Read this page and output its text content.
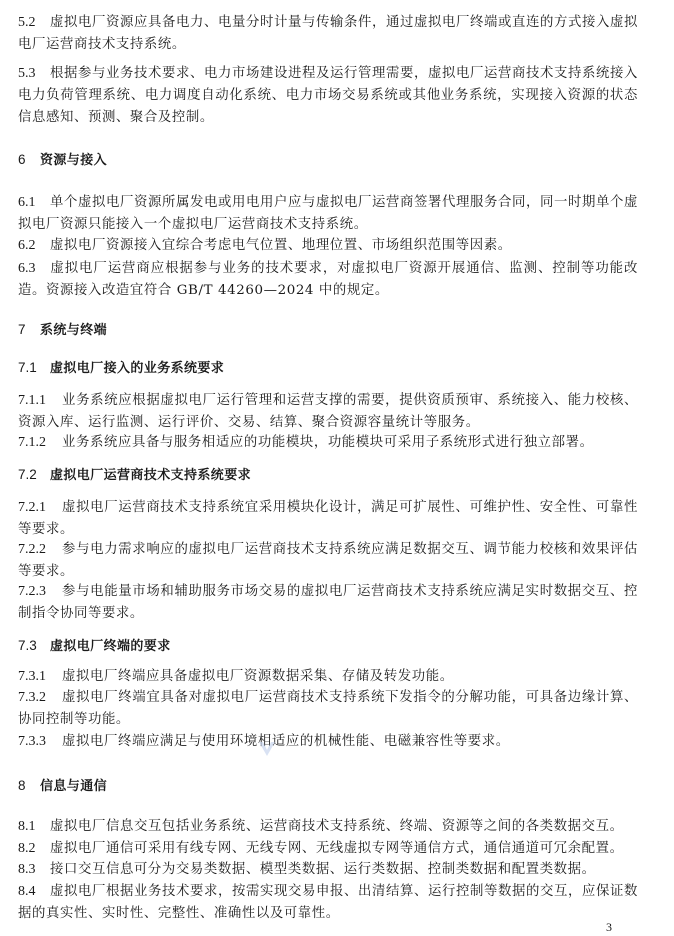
5.2 虚拟电厂资源应具备电力、电量分时计量与传输条件，通过虚拟电厂终端或直连的方式接入虚拟电厂运营商技术支持系统。

5.3 根据参与业务技术要求、电力市场建设进程及运行管理需要，虚拟电厂运营商技术支持系统接入电力负荷管理系统、电力调度自动化系统、电力市场交易系统或其他业务系统，实现接入资源的状态信息感知、预测、聚合及控制。

6 资源与接入

6.1 单个虚拟电厂资源所属发电或用电用户应与虚拟电厂运营商签署代理服务合同，同一时期单个虚拟电厂资源只能接入一个虚拟电厂运营商技术支持系统。

6.2 虚拟电厂资源接入宜综合考虑电气位置、地理位置、市场组织范围等因素。

6.3 虚拟电厂运营商应根据参与业务的技术要求，对虚拟电厂资源开展通信、监测、控制等功能改造。资源接入改造宜符合 GB/T 44260—2024 中的规定。

7 系统与终端

7.1 虚拟电厂接入的业务系统要求

7.1.1 业务系统应根据虚拟电厂运行管理和运营支撑的需要，提供资质预审、系统接入、能力校核、资源入库、运行监测、运行评价、交易、结算、聚合资源容量统计等服务。

7.1.2 业务系统应具备与服务相适应的功能模块，功能模块可采用子系统形式进行独立部署。

7.2 虚拟电厂运营商技术支持系统要求

7.2.1 虚拟电厂运营商技术支持系统宜采用模块化设计，满足可扩展性、可维护性、安全性、可靠性等要求。

7.2.2 参与电力需求响应的虚拟电厂运营商技术支持系统应满足数据交互、调节能力校核和效果评估等要求。

7.2.3 参与电能量市场和辅助服务市场交易的虚拟电厂运营商技术支持系统应满足实时数据交互、控制指令协同等要求。

7.3 虚拟电厂终端的要求

7.3.1 虚拟电厂终端应具备虚拟电厂资源数据采集、存储及转发功能。

7.3.2 虚拟电厂终端宜具备对虚拟电厂运营商技术支持系统下发指令的分解功能，可具备边缘计算、协同控制等功能。

7.3.3 虚拟电厂终端应满足与使用环境相适应的机械性能、电磁兼容性等要求。

8 信息与通信

8.1 虚拟电厂信息交互包括业务系统、运营商技术支持系统、终端、资源等之间的各类数据交互。

8.2 虚拟电厂通信可采用有线专网、无线专网、无线虚拟专网等通信方式，通信通道可冗余配置。

8.3 接口交互信息可分为交易类数据、模型类数据、运行类数据、控制类数据和配置类数据。

8.4 虚拟电厂根据业务技术要求，按需实现交易申报、出清结算、运行控制等数据的交互，应保证数据的真实性、实时性、完整性、准确性以及可靠性。

3
